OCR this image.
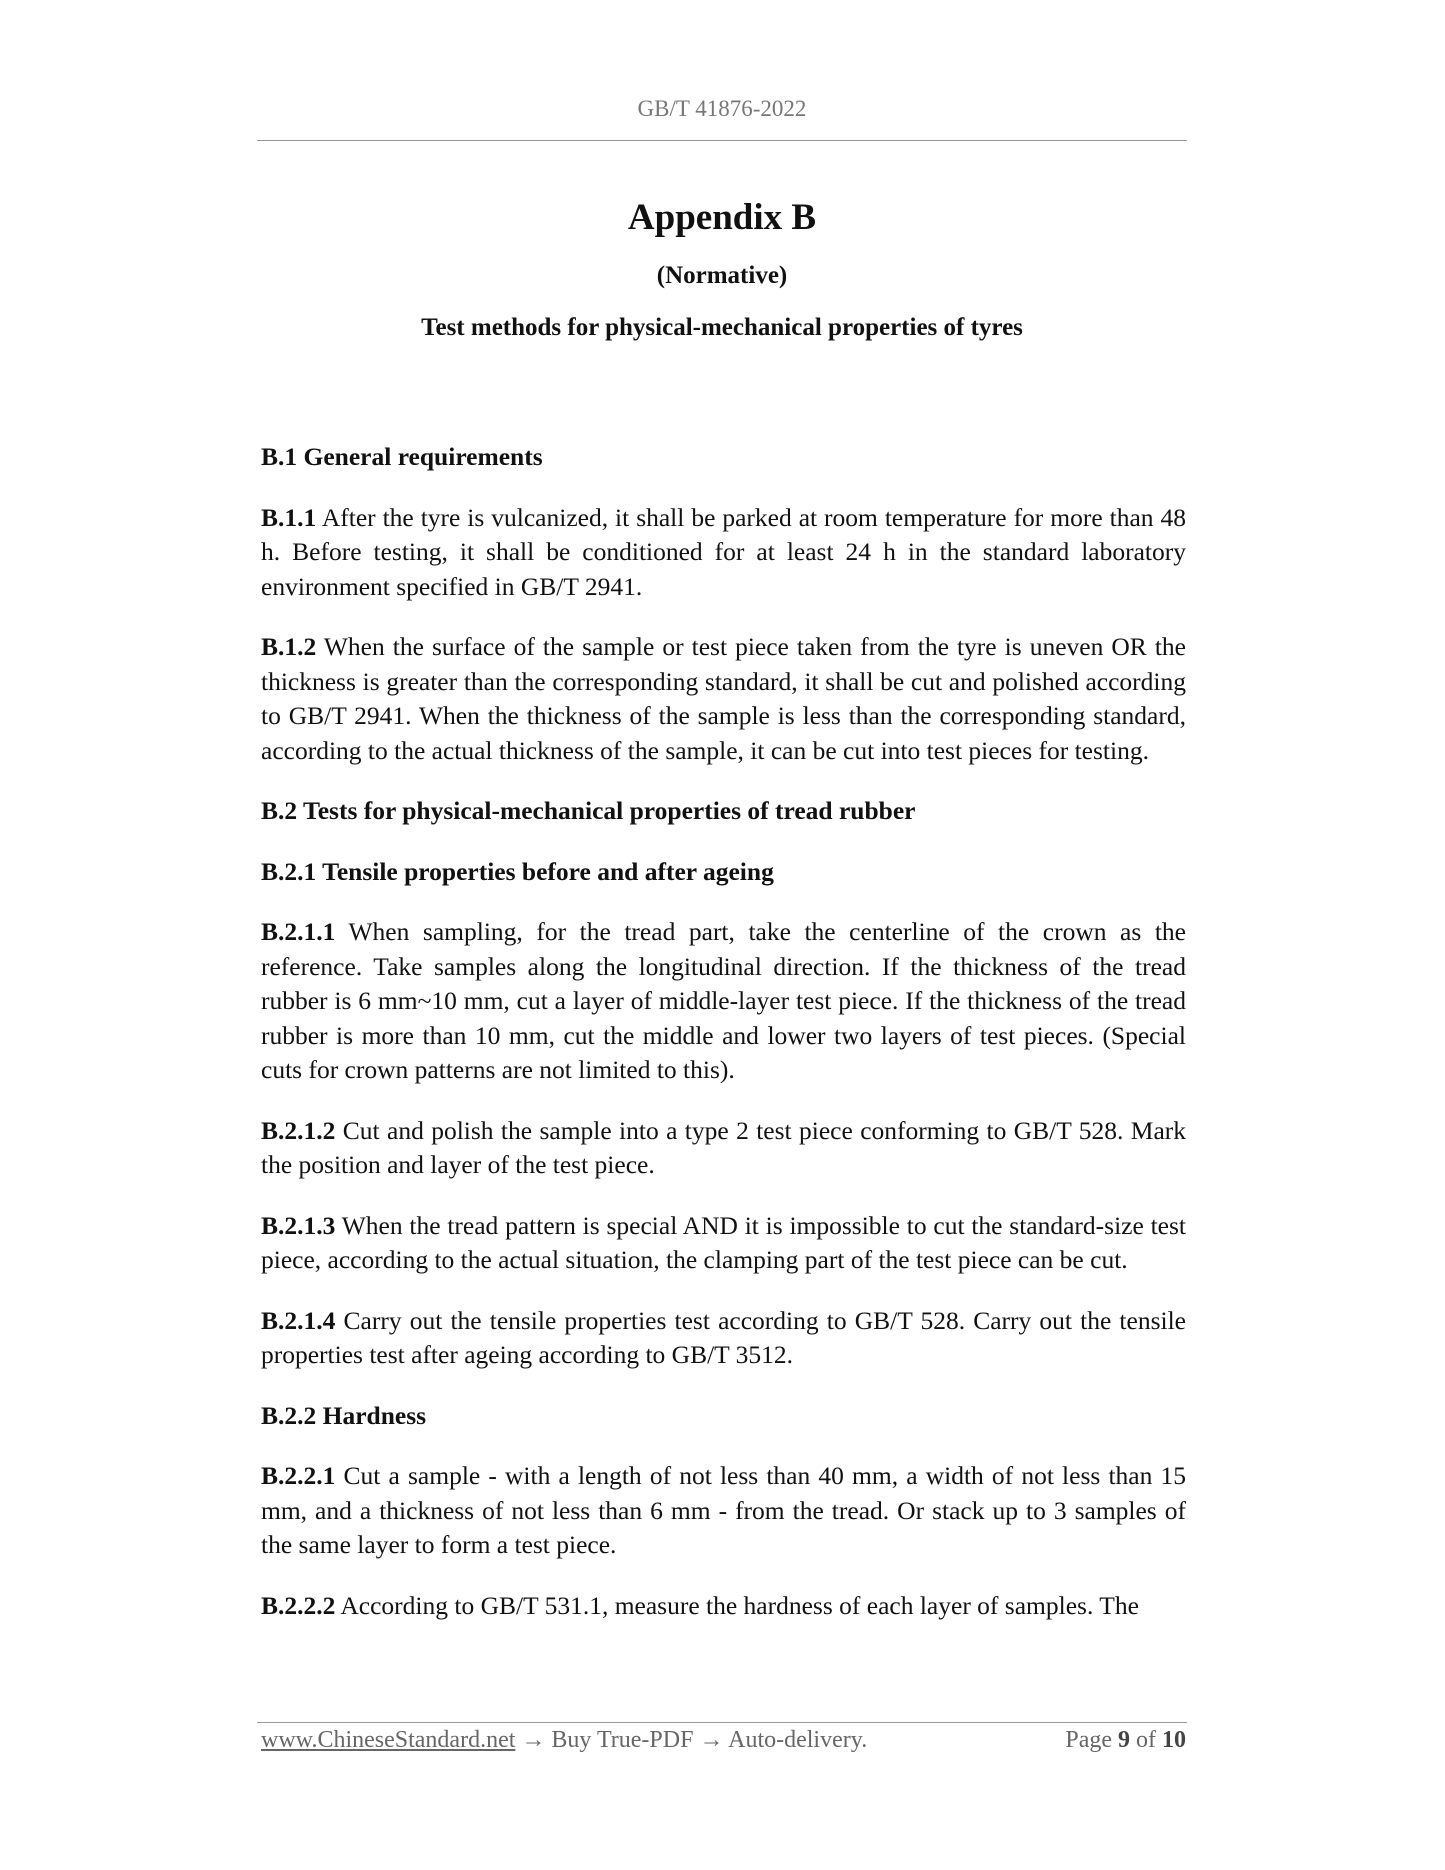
GB/T 41876-2022
Appendix B
(Normative)
Test methods for physical-mechanical properties of tyres
B.1 General requirements
B.1.1 After the tyre is vulcanized, it shall be parked at room temperature for more than 48 h. Before testing, it shall be conditioned for at least 24 h in the standard laboratory environment specified in GB/T 2941.
B.1.2 When the surface of the sample or test piece taken from the tyre is uneven OR the thickness is greater than the corresponding standard, it shall be cut and polished according to GB/T 2941. When the thickness of the sample is less than the corresponding standard, according to the actual thickness of the sample, it can be cut into test pieces for testing.
B.2 Tests for physical-mechanical properties of tread rubber
B.2.1 Tensile properties before and after ageing
B.2.1.1 When sampling, for the tread part, take the centerline of the crown as the reference. Take samples along the longitudinal direction. If the thickness of the tread rubber is 6 mm~10 mm, cut a layer of middle-layer test piece. If the thickness of the tread rubber is more than 10 mm, cut the middle and lower two layers of test pieces. (Special cuts for crown patterns are not limited to this).
B.2.1.2 Cut and polish the sample into a type 2 test piece conforming to GB/T 528. Mark the position and layer of the test piece.
B.2.1.3 When the tread pattern is special AND it is impossible to cut the standard-size test piece, according to the actual situation, the clamping part of the test piece can be cut.
B.2.1.4 Carry out the tensile properties test according to GB/T 528. Carry out the tensile properties test after ageing according to GB/T 3512.
B.2.2 Hardness
B.2.2.1 Cut a sample - with a length of not less than 40 mm, a width of not less than 15 mm, and a thickness of not less than 6 mm - from the tread. Or stack up to 3 samples of the same layer to form a test piece.
B.2.2.2 According to GB/T 531.1, measure the hardness of each layer of samples. The
www.ChineseStandard.net → Buy True-PDF → Auto-delivery.	Page 9 of 10
